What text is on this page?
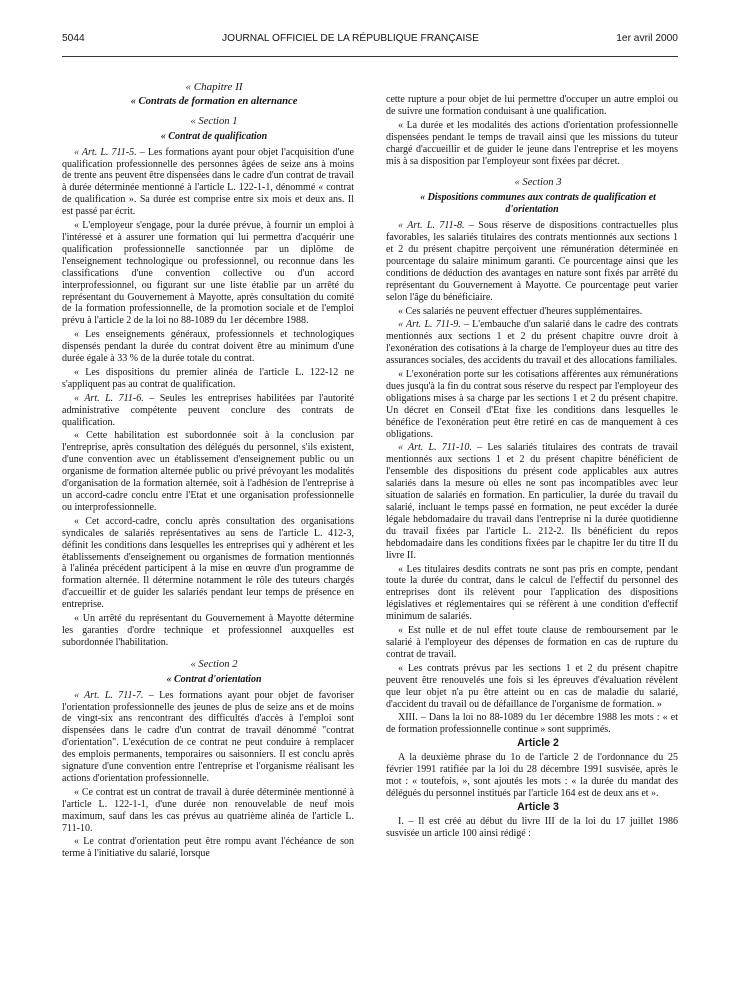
5044	JOURNAL OFFICIEL DE LA RÉPUBLIQUE FRANÇAISE	1er avril 2000

« Chapitre II

« Contrats de formation en alternance

« Section 1

« Contrat de qualification

« Art. L. 711-5. – Les formations ayant pour objet l'acquisition d'une qualification professionnelle des personnes âgées de seize ans à moins de trente ans peuvent être dispensées dans le cadre d'un contrat de travail à durée déterminée mentionné à l'article L. 122-1-1, dénommé « contrat de qualification ». Sa durée est comprise entre six mois et deux ans. Il est passé par écrit.

« L'employeur s'engage, pour la durée prévue, à fournir un emploi à l'intéressé et à assurer une formation qui lui permettra d'acquérir une qualification professionnelle sanctionnée par un diplôme de l'enseignement technologique ou professionnel, ou reconnue dans les classifications d'une convention collective ou d'un accord interprofessionnel, ou figurant sur une liste établie par un arrêté du représentant du Gouvernement à Mayotte, après consultation du comité de la formation professionnelle, de la promotion sociale et de l'emploi prévu à l'article 2 de la loi no 88-1089 du 1er décembre 1988.

« Les enseignements généraux, professionnels et technologiques dispensés pendant la durée du contrat doivent être au minimum d'une durée égale à 33 % de la durée totale du contrat.

« Les dispositions du premier alinéa de l'article L. 122-12 ne s'appliquent pas au contrat de qualification.

« Art. L. 711-6. – Seules les entreprises habilitées par l'autorité administrative compétente peuvent conclure des contrats de qualification.

« Cette habilitation est subordonnée soit à la conclusion par l'entreprise, après consultation des délégués du personnel, s'ils existent, d'une convention avec un établissement d'enseignement public ou un organisme de formation alternée public ou privé prévoyant les modalités d'organisation de la formation alternée, soit à l'adhésion de l'entreprise à un accord-cadre conclu entre l'Etat et une organisation professionnelle ou interprofessionnelle.

« Cet accord-cadre, conclu après consultation des organisations syndicales de salariés représentatives au sens de l'article L. 412-3, définit les conditions dans lesquelles les entreprises qui y adhèrent et les établissements d'enseignement ou organismes de formation mentionnés à l'alinéa précédent participent à la mise en œuvre d'un programme de formation alternée. Il détermine notamment le rôle des tuteurs chargés d'accueillir et de guider les salariés pendant leur temps de présence en entreprise.

« Un arrêté du représentant du Gouvernement à Mayotte détermine les garanties d'ordre technique et professionnel auxquelles est subordonnée l'habilitation.

« Section 2

« Contrat d'orientation

« Art. L. 711-7. – Les formations ayant pour objet de favoriser l'orientation professionnelle des jeunes de plus de seize ans et de moins de vingt-six ans rencontrant des difficultés d'accès à l'emploi sont dispensées dans le cadre d'un contrat de travail dénommé "contrat d'orientation". L'exécution de ce contrat ne peut conduire à remplacer des emplois permanents, temporaires ou saisonniers. Il est conclu après signature d'une convention entre l'entreprise et l'organisme réalisant les actions d'orientation professionnelle.

« Ce contrat est un contrat de travail à durée déterminée mentionné à l'article L. 122-1-1, d'une durée non renouvelable de neuf mois maximum, sauf dans les cas prévus au quatrième alinéa de l'article L. 711-10.

« Le contrat d'orientation peut être rompu avant l'échéance de son terme à l'initiative du salarié, lorsque

cette rupture a pour objet de lui permettre d'occuper un autre emploi ou de suivre une formation conduisant à une qualification.

« La durée et les modalités des actions d'orientation professionnelle dispensées pendant le temps de travail ainsi que les missions du tuteur chargé d'accueillir et de guider le jeune dans l'entreprise et les moyens mis à sa disposition par l'employeur sont fixées par décret.

« Section 3

« Dispositions communes aux contrats de qualification et d'orientation

« Art. L. 711-8. – Sous réserve de dispositions contractuelles plus favorables, les salariés titulaires des contrats mentionnés aux sections 1 et 2 du présent chapitre perçoivent une rémunération déterminée en pourcentage du salaire minimum garanti. Ce pourcentage ainsi que les conditions de déduction des avantages en nature sont fixés par arrêté du représentant du Gouvernement à Mayotte. Ce pourcentage peut varier selon l'âge du bénéficiaire.

« Ces salariés ne peuvent effectuer d'heures supplémentaires.

« Art. L. 711-9. – L'embauche d'un salarié dans le cadre des contrats mentionnés aux sections 1 et 2 du présent chapitre ouvre droit à l'exonération des cotisations à la charge de l'employeur dues au titre des assurances sociales, des accidents du travail et des allocations familiales.

« L'exonération porte sur les cotisations afférentes aux rémunérations dues jusqu'à la fin du contrat sous réserve du respect par l'employeur des obligations mises à sa charge par les sections 1 et 2 du présent chapitre. Un décret en Conseil d'Etat fixe les conditions dans lesquelles le bénéfice de l'exonération peut être retiré en cas de manquement à ces obligations.

« Art. L. 711-10. – Les salariés titulaires des contrats de travail mentionnés aux sections 1 et 2 du présent chapitre bénéficient de l'ensemble des dispositions du présent code applicables aux autres salariés dans la mesure où elles ne sont pas incompatibles avec leur situation de salariés en formation. En particulier, la durée du travail du salarié, incluant le temps passé en formation, ne peut excéder la durée légale hebdomadaire du travail dans l'entreprise ni la durée quotidienne du travail fixées par l'article L. 212-2. Ils bénéficient du repos hebdomadaire dans les conditions fixées par le chapitre Ier du titre II du livre II.

« Les titulaires desdits contrats ne sont pas pris en compte, pendant toute la durée du contrat, dans le calcul de l'effectif du personnel des entreprises dont ils relèvent pour l'application des dispositions législatives et réglementaires qui se réfèrent à une condition d'effectif minimum de salariés.

« Est nulle et de nul effet toute clause de remboursement par le salarié à l'employeur des dépenses de formation en cas de rupture du contrat de travail.

« Les contrats prévus par les sections 1 et 2 du présent chapitre peuvent être renouvelés une fois si les épreuves d'évaluation révèlent que leur objet n'a pu être atteint ou en cas de maladie du salarié, d'accident du travail ou de défaillance de l'organisme de formation. »

XIII. – Dans la loi no 88-1089 du 1er décembre 1988 les mots : « et de formation professionnelle continue » sont supprimés.

Article 2

A la deuxième phrase du 1o de l'article 2 de l'ordonnance du 25 février 1991 ratifiée par la loi du 28 décembre 1991 susvisée, après le mot : « toutefois, », sont ajoutés les mots : « la durée du mandat des délégués du personnel institués par l'article 164 est de deux ans et ».

Article 3

I. – Il est créé au début du livre III de la loi du 17 juillet 1986 susvisée un article 100 ainsi rédigé :
